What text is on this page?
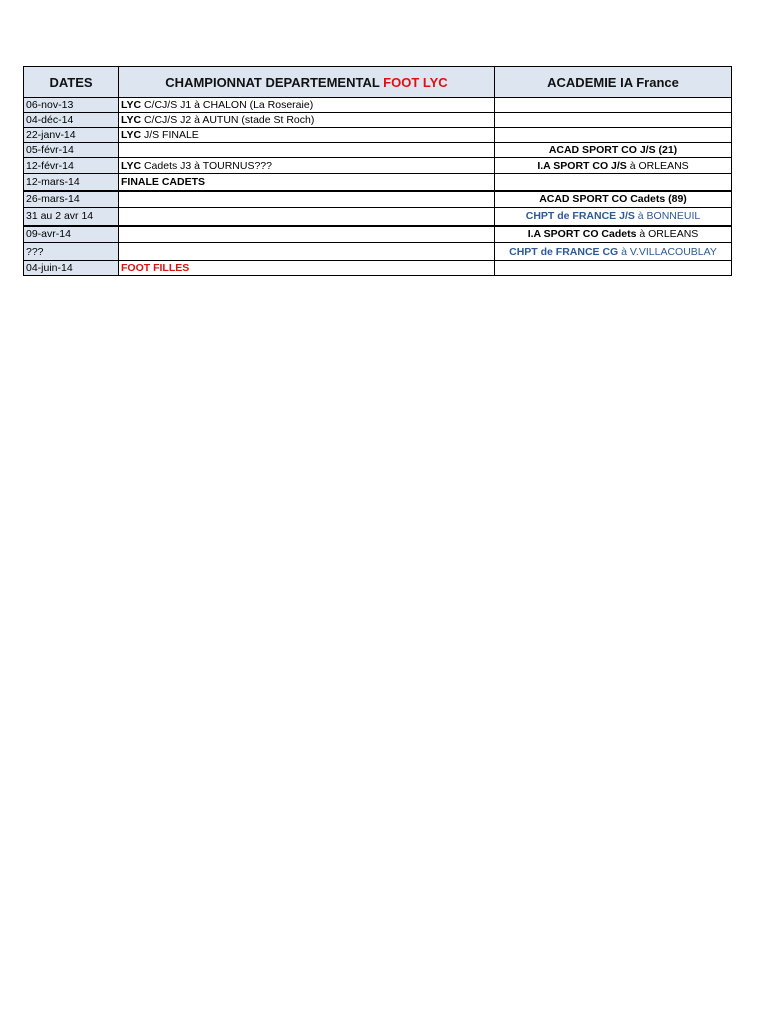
DATES	CHAMPIONNAT DEPARTEMENTAL FOOT LYC	ACADEMIE IA France
06-nov-13	LYC C/CJ/S J1 à CHALON (La Roseraie)	
04-déc-14	LYC C/CJ/S J2 à AUTUN (stade St Roch)	
22-janv-14	LYC J/S FINALE	
05-févr-14		ACAD SPORT CO J/S (21)
12-févr-14	LYC Cadets J3 à TOURNUS???	I.A SPORT CO J/S à ORLEANS
12-mars-14	FINALE CADETS	
26-mars-14		ACAD SPORT CO Cadets (89)
31 au 2 avr 14		CHPT de FRANCE J/S à BONNEUIL
09-avr-14		I.A SPORT CO Cadets à ORLEANS
???		CHPT de FRANCE CG à V.VILLACOUBLAY
04-juin-14	FOOT FILLES	
